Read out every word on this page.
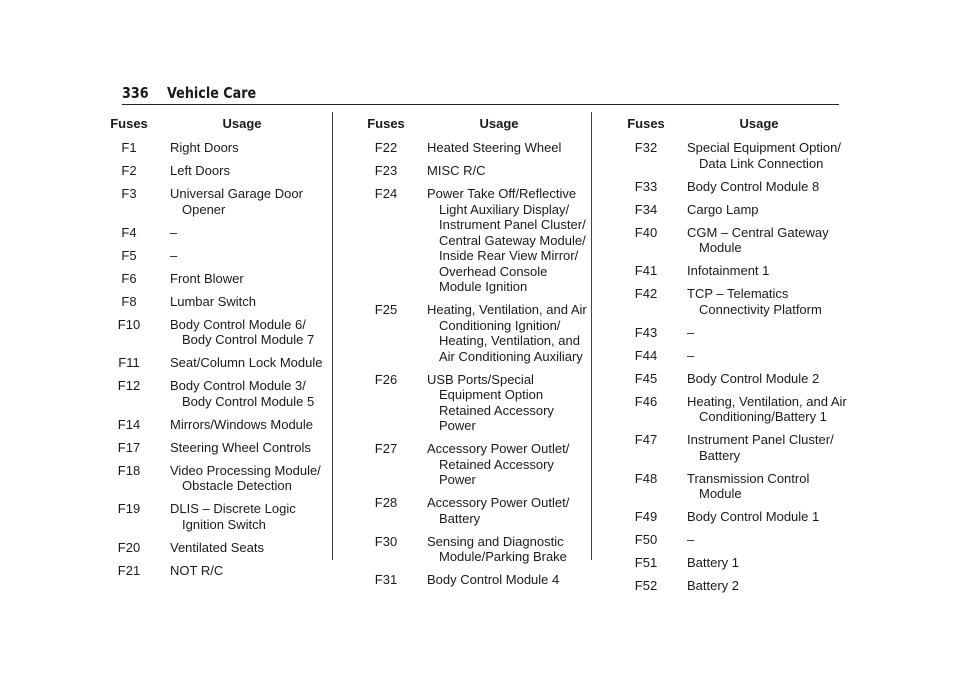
336 Vehicle Care
Fuses	Usage
F1	Right Doors
F2	Left Doors
F3	Universal Garage Door Opener
F4	–
F5	–
F6	Front Blower
F8	Lumbar Switch
F10	Body Control Module 6/ Body Control Module 7
F11	Seat/Column Lock Module
F12	Body Control Module 3/ Body Control Module 5
F14	Mirrors/Windows Module
F17	Steering Wheel Controls
F18	Video Processing Module/ Obstacle Detection
F19	DLIS – Discrete Logic Ignition Switch
F20	Ventilated Seats
F21	NOT R/C
Fuses	Usage
F22	Heated Steering Wheel
F23	MISC R/C
F24	Power Take Off/Reflective Light Auxiliary Display/ Instrument Panel Cluster/ Central Gateway Module/ Inside Rear View Mirror/ Overhead Console Module Ignition
F25	Heating, Ventilation, and Air Conditioning Ignition/ Heating, Ventilation, and Air Conditioning Auxiliary
F26	USB Ports/Special Equipment Option Retained Accessory Power
F27	Accessory Power Outlet/ Retained Accessory Power
F28	Accessory Power Outlet/ Battery
F30	Sensing and Diagnostic Module/Parking Brake
F31	Body Control Module 4
Fuses	Usage
F32	Special Equipment Option/ Data Link Connection
F33	Body Control Module 8
F34	Cargo Lamp
F40	CGM – Central Gateway Module
F41	Infotainment 1
F42	TCP – Telematics Connectivity Platform
F43	–
F44	–
F45	Body Control Module 2
F46	Heating, Ventilation, and Air Conditioning/Battery 1
F47	Instrument Panel Cluster/ Battery
F48	Transmission Control Module
F49	Body Control Module 1
F50	–
F51	Battery 1
F52	Battery 2
